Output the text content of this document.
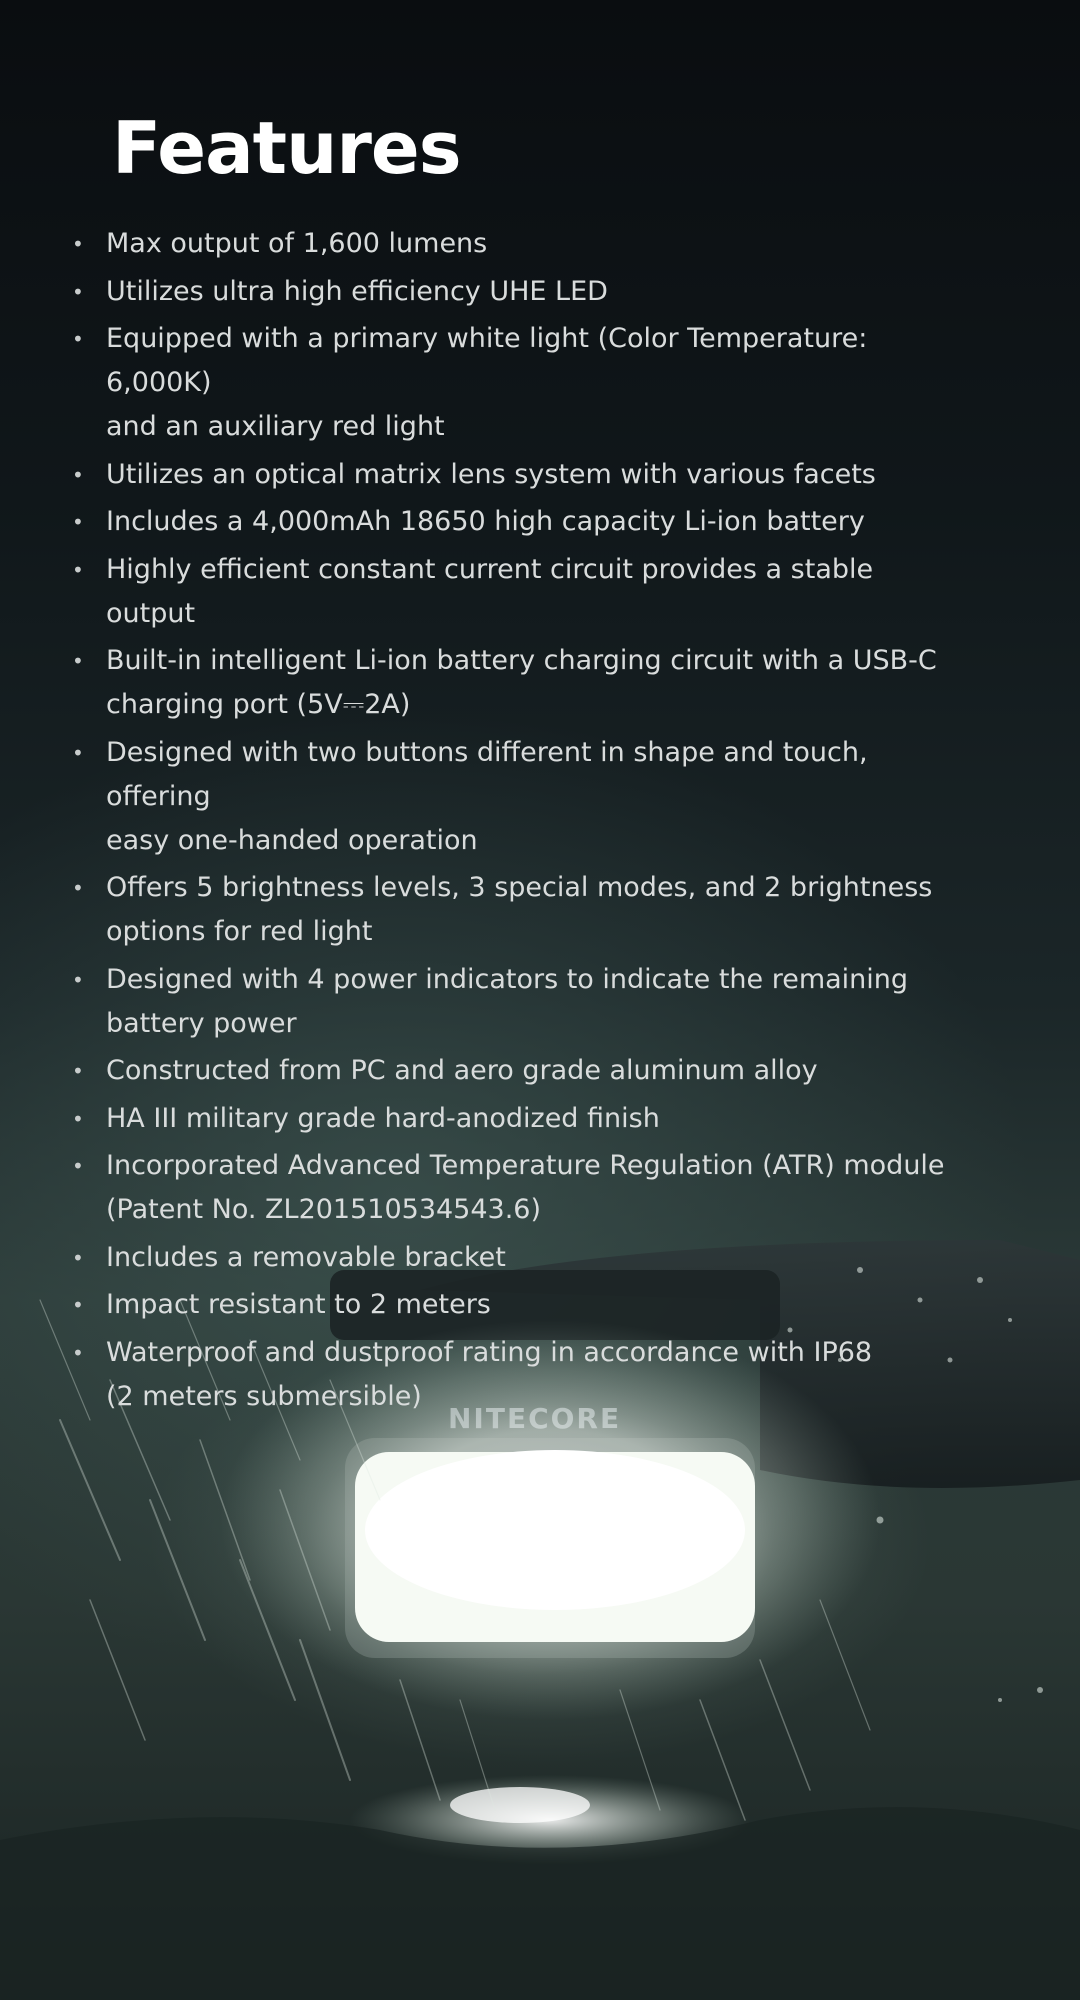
Features
• Max output of 1,600 lumens
• Utilizes ultra high efficiency UHE LED
• Equipped with a primary white light (Color Temperature: 6,000K)
and an auxiliary red light
• Utilizes an optical matrix lens system with various facets
• Includes a 4,000mAh 18650 high capacity Li-ion battery
• Highly efficient constant current circuit provides a stable output
• Built-in intelligent Li-ion battery charging circuit with a USB-C
charging port (5V⎓2A)
• Designed with two buttons different in shape and touch, offering
easy one-handed operation
• Offers 5 brightness levels, 3 special modes, and 2 brightness
options for red light
• Designed with 4 power indicators to indicate the remaining
battery power
• Constructed from PC and aero grade aluminum alloy
• HA III military grade hard-anodized finish
• Incorporated Advanced Temperature Regulation (ATR) module
(Patent No. ZL201510534543.6)
• Includes a removable bracket
• Impact resistant to 2 meters
• Waterproof and dustproof rating in accordance with IP68
(2 meters submersible)
